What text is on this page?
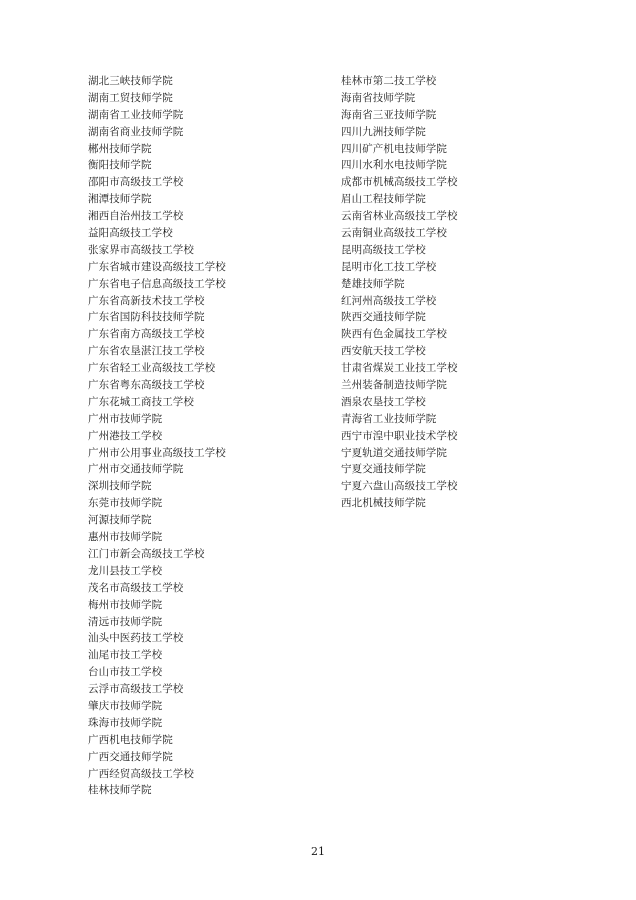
湖北三峡技师学院
湖南工贸技师学院
湖南省工业技师学院
湖南省商业技师学院
郴州技师学院
衡阳技师学院
邵阳市高级技工学校
湘潭技师学院
湘西自治州技工学校
益阳高级技工学校
张家界市高级技工学校
广东省城市建设高级技工学校
广东省电子信息高级技工学校
广东省高新技术技工学校
广东省国防科技技师学院
广东省南方高级技工学校
广东省农垦湛江技工学校
广东省轻工业高级技工学校
广东省粤东高级技工学校
广东花城工商技工学校
广州市技师学院
广州港技工学校
广州市公用事业高级技工学校
广州市交通技师学院
深圳技师学院
东莞市技师学院
河源技师学院
惠州市技师学院
江门市新会高级技工学校
龙川县技工学校
茂名市高级技工学校
梅州市技师学院
清远市技师学院
汕头中医药技工学校
汕尾市技工学校
台山市技工学校
云浮市高级技工学校
肇庆市技师学院
珠海市技师学院
广西机电技师学院
广西交通技师学院
广西经贸高级技工学校
桂林技师学院
桂林市第二技工学校
海南省技师学院
海南省三亚技师学院
四川九洲技师学院
四川矿产机电技师学院
四川水利水电技师学院
成都市机械高级技工学校
眉山工程技师学院
云南省林业高级技工学校
云南铜业高级技工学校
昆明高级技工学校
昆明市化工技工学校
楚雄技师学院
红河州高级技工学校
陕西交通技师学院
陕西有色金属技工学校
西安航天技工学校
甘肃省煤炭工业技工学校
兰州装备制造技师学院
酒泉农垦技工学校
青海省工业技师学院
西宁市湟中职业技术学校
宁夏轨道交通技师学院
宁夏交通技师学院
宁夏六盘山高级技工学校
西北机械技师学院
21
